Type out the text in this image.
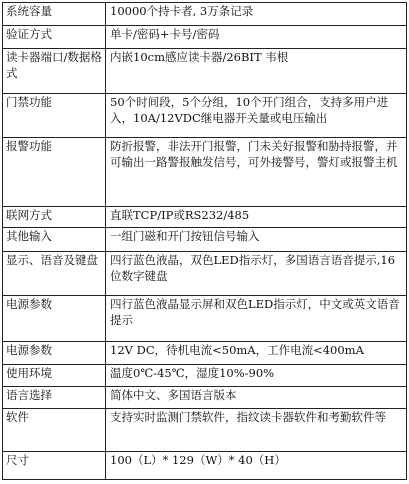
系统容量	10000个持卡者, 3万条记录
验证方式	单卡/密码+卡号/密码
读卡器端口/数据格式	内嵌10cm感应读卡器/26BIT 韦根
门禁功能	50个时间段，5个分组，10个开门组合，支持多用户进入，10A/12VDC继电器开关量或电压输出
报警功能	防折报警，非法开门报警，门未关好报警和胁持报警，并可输出一路警报触发信号，可外接警号，警灯或报警主机
联网方式	直联TCP/IP或RS232/485
其他输入	一组门磁和开门按钮信号输入
显示、语音及键盘	四行蓝色液晶，双色LED指示灯，多国语言语音提示,16位数字键盘
电源参数	四行蓝色液晶显示屏和双色LED指示灯，中文或英文语音提示
电源参数	12V DC，待机电流<50mA，工作电流<400mA
使用环境	温度0℃-45℃，湿度10%-90%
语言选择	简体中文、多国语言版本
软件	支持实时监测门禁软件，指纹读卡器软件和考勤软件等
尺寸	100（L）* 129（W）* 40（H）
